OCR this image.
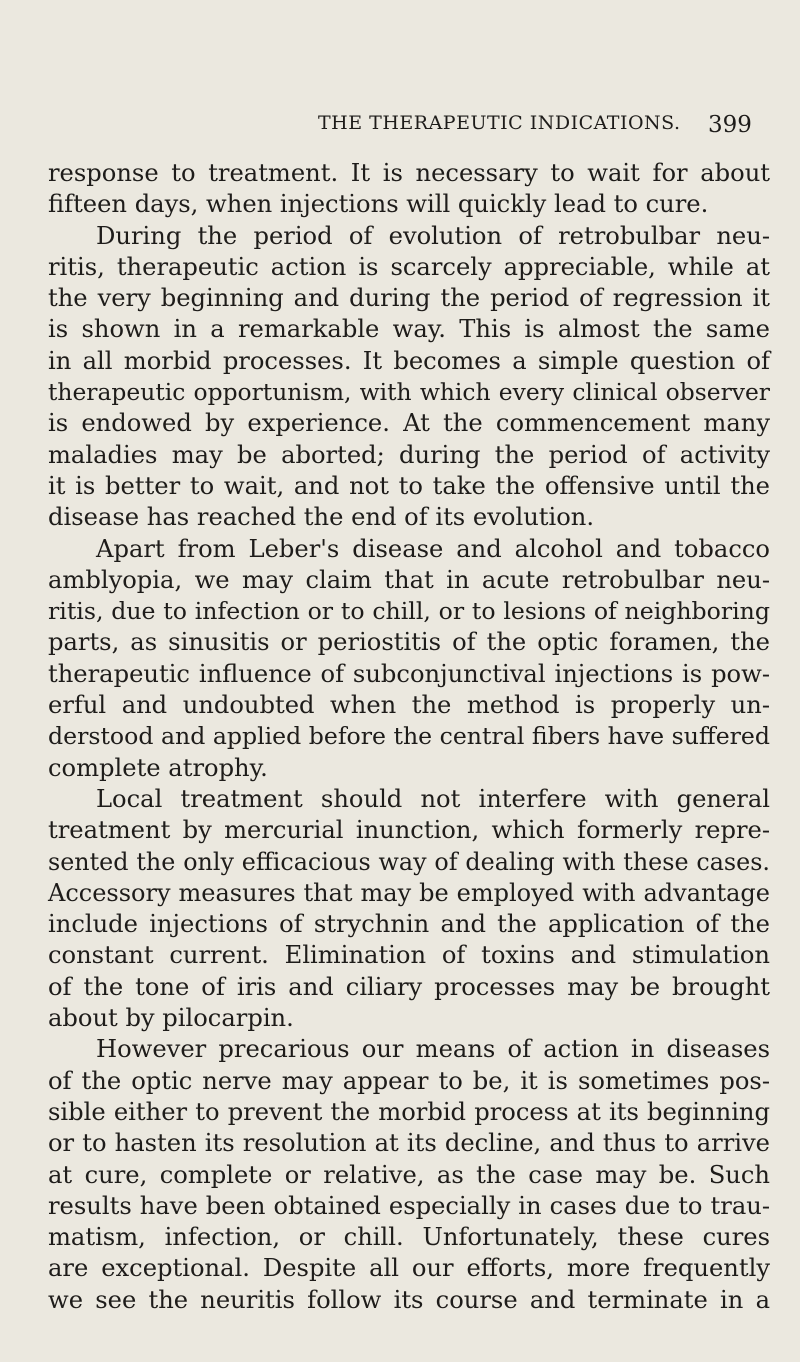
THE THERAPEUTIC INDICATIONS. 399
response to treatment. It is necessary to wait for about
fifteen days, when injections will quickly lead to cure.
During the period of evolution of retrobulbar neu-
ritis, therapeutic action is scarcely appreciable, while at
the very beginning and during the period of regression it
is shown in a remarkable way. This is almost the same
in all morbid processes. It becomes a simple question of
therapeutic opportunism, with which every clinical observer
is endowed by experience. At the commencement many
maladies may be aborted; during the period of activity
it is better to wait, and not to take the offensive until the
disease has reached the end of its evolution.
Apart from Leber's disease and alcohol and tobacco
amblyopia, we may claim that in acute retrobulbar neu-
ritis, due to infection or to chill, or to lesions of neighboring
parts, as sinusitis or periostitis of the optic foramen, the
therapeutic influence of subconjunctival injections is pow-
erful and undoubted when the method is properly un-
derstood and applied before the central fibers have suffered
complete atrophy.
Local treatment should not interfere with general
treatment by mercurial inunction, which formerly repre-
sented the only efficacious way of dealing with these cases.
Accessory measures that may be employed with advantage
include injections of strychnin and the application of the
constant current. Elimination of toxins and stimulation
of the tone of iris and ciliary processes may be brought
about by pilocarpin.
However precarious our means of action in diseases
of the optic nerve may appear to be, it is sometimes pos-
sible either to prevent the morbid process at its beginning
or to hasten its resolution at its decline, and thus to arrive
at cure, complete or relative, as the case may be. Such
results have been obtained especially in cases due to trau-
matism, infection, or chill. Unfortunately, these cures
are exceptional. Despite all our efforts, more frequently
we see the neuritis follow its course and terminate in a
